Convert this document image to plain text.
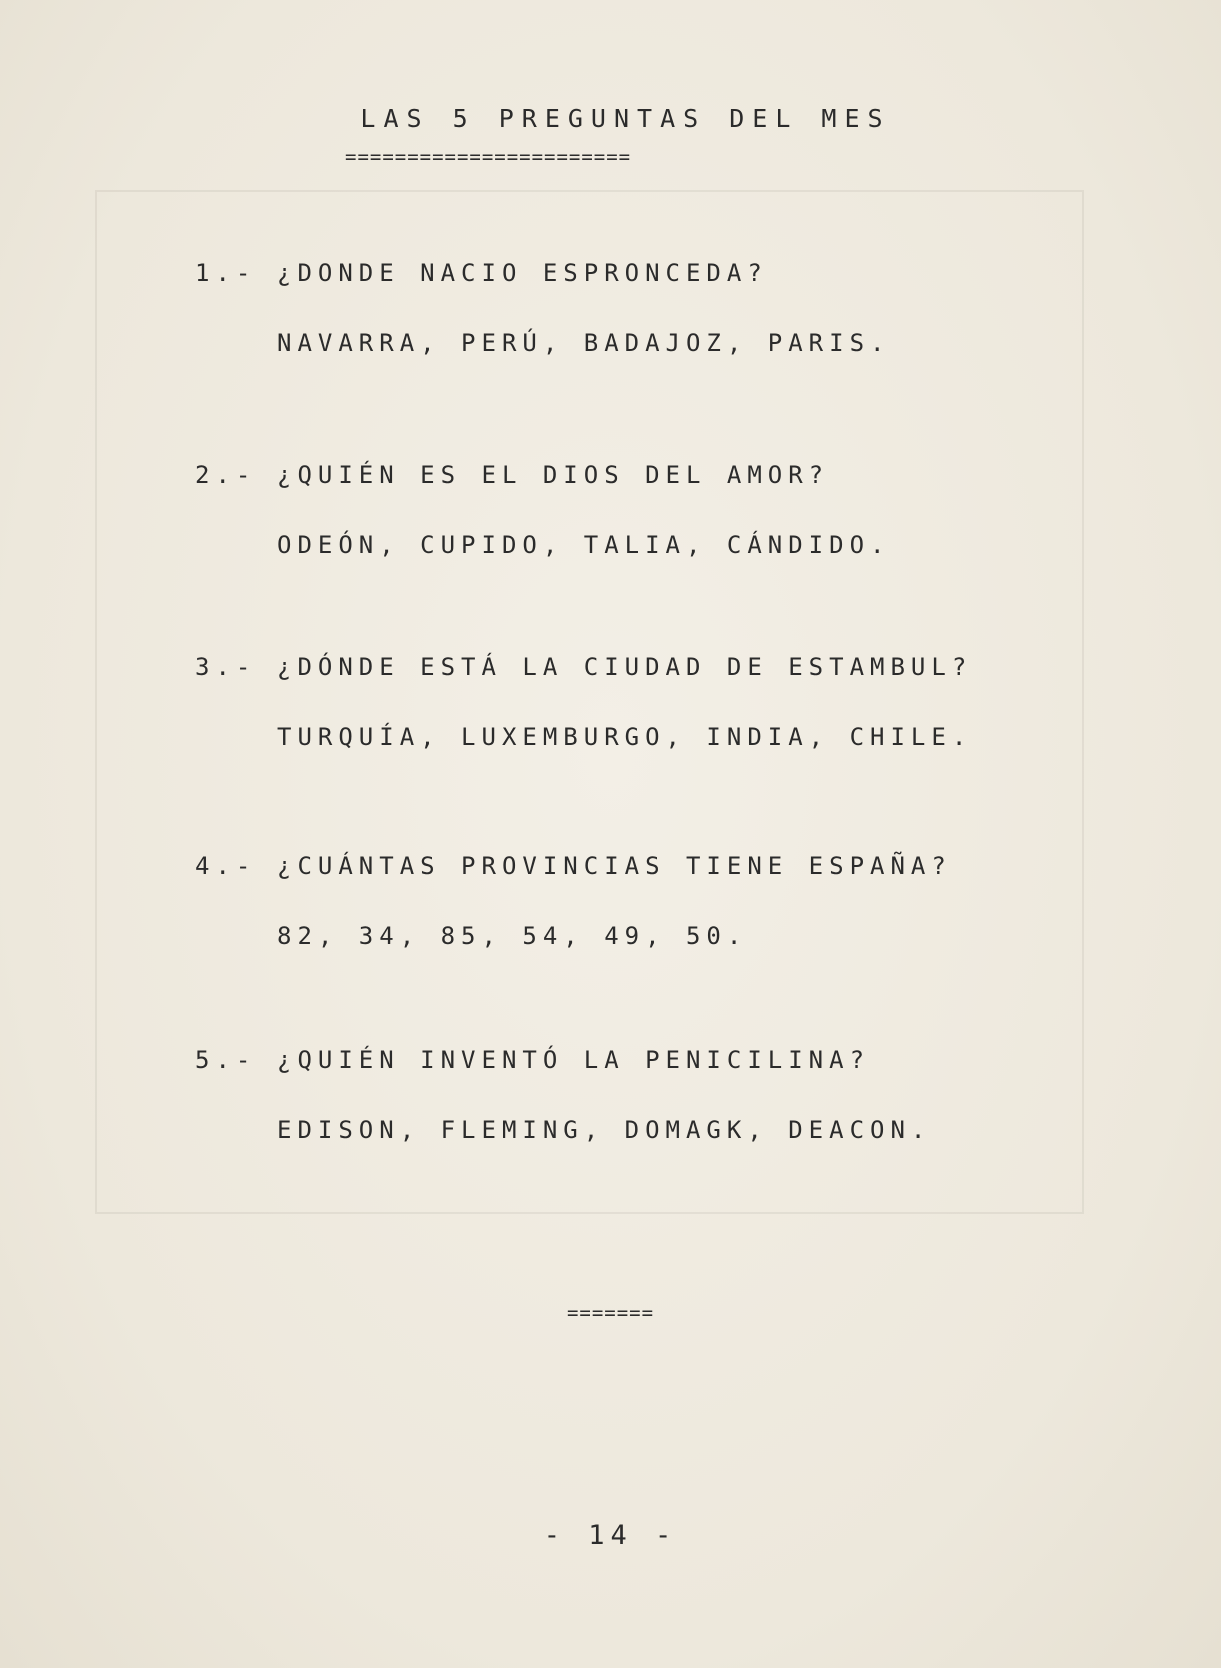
LAS 5 PREGUNTAS DEL MES
=======================
1.- ¿DONDE NACIO ESPRONCEDA?
NAVARRA, PERÚ, BADAJOZ, PARIS.
2.- ¿QUIÉN ES EL DIOS DEL AMOR?
ODEÓN, CUPIDO, TALIA, CÁNDIDO.
3.- ¿DÓNDE ESTÁ LA CIUDAD DE ESTAMBUL?
TURQUÍA, LUXEMBURGO, INDIA, CHILE.
4.- ¿CUÁNTAS PROVINCIAS TIENE ESPAÑA?
82, 34, 85, 54, 49, 50.
5.- ¿QUIÉN INVENTÓ LA PENICILINA?
EDISON, FLEMING, DOMAGK, DEACON.
=======
- 14 -
